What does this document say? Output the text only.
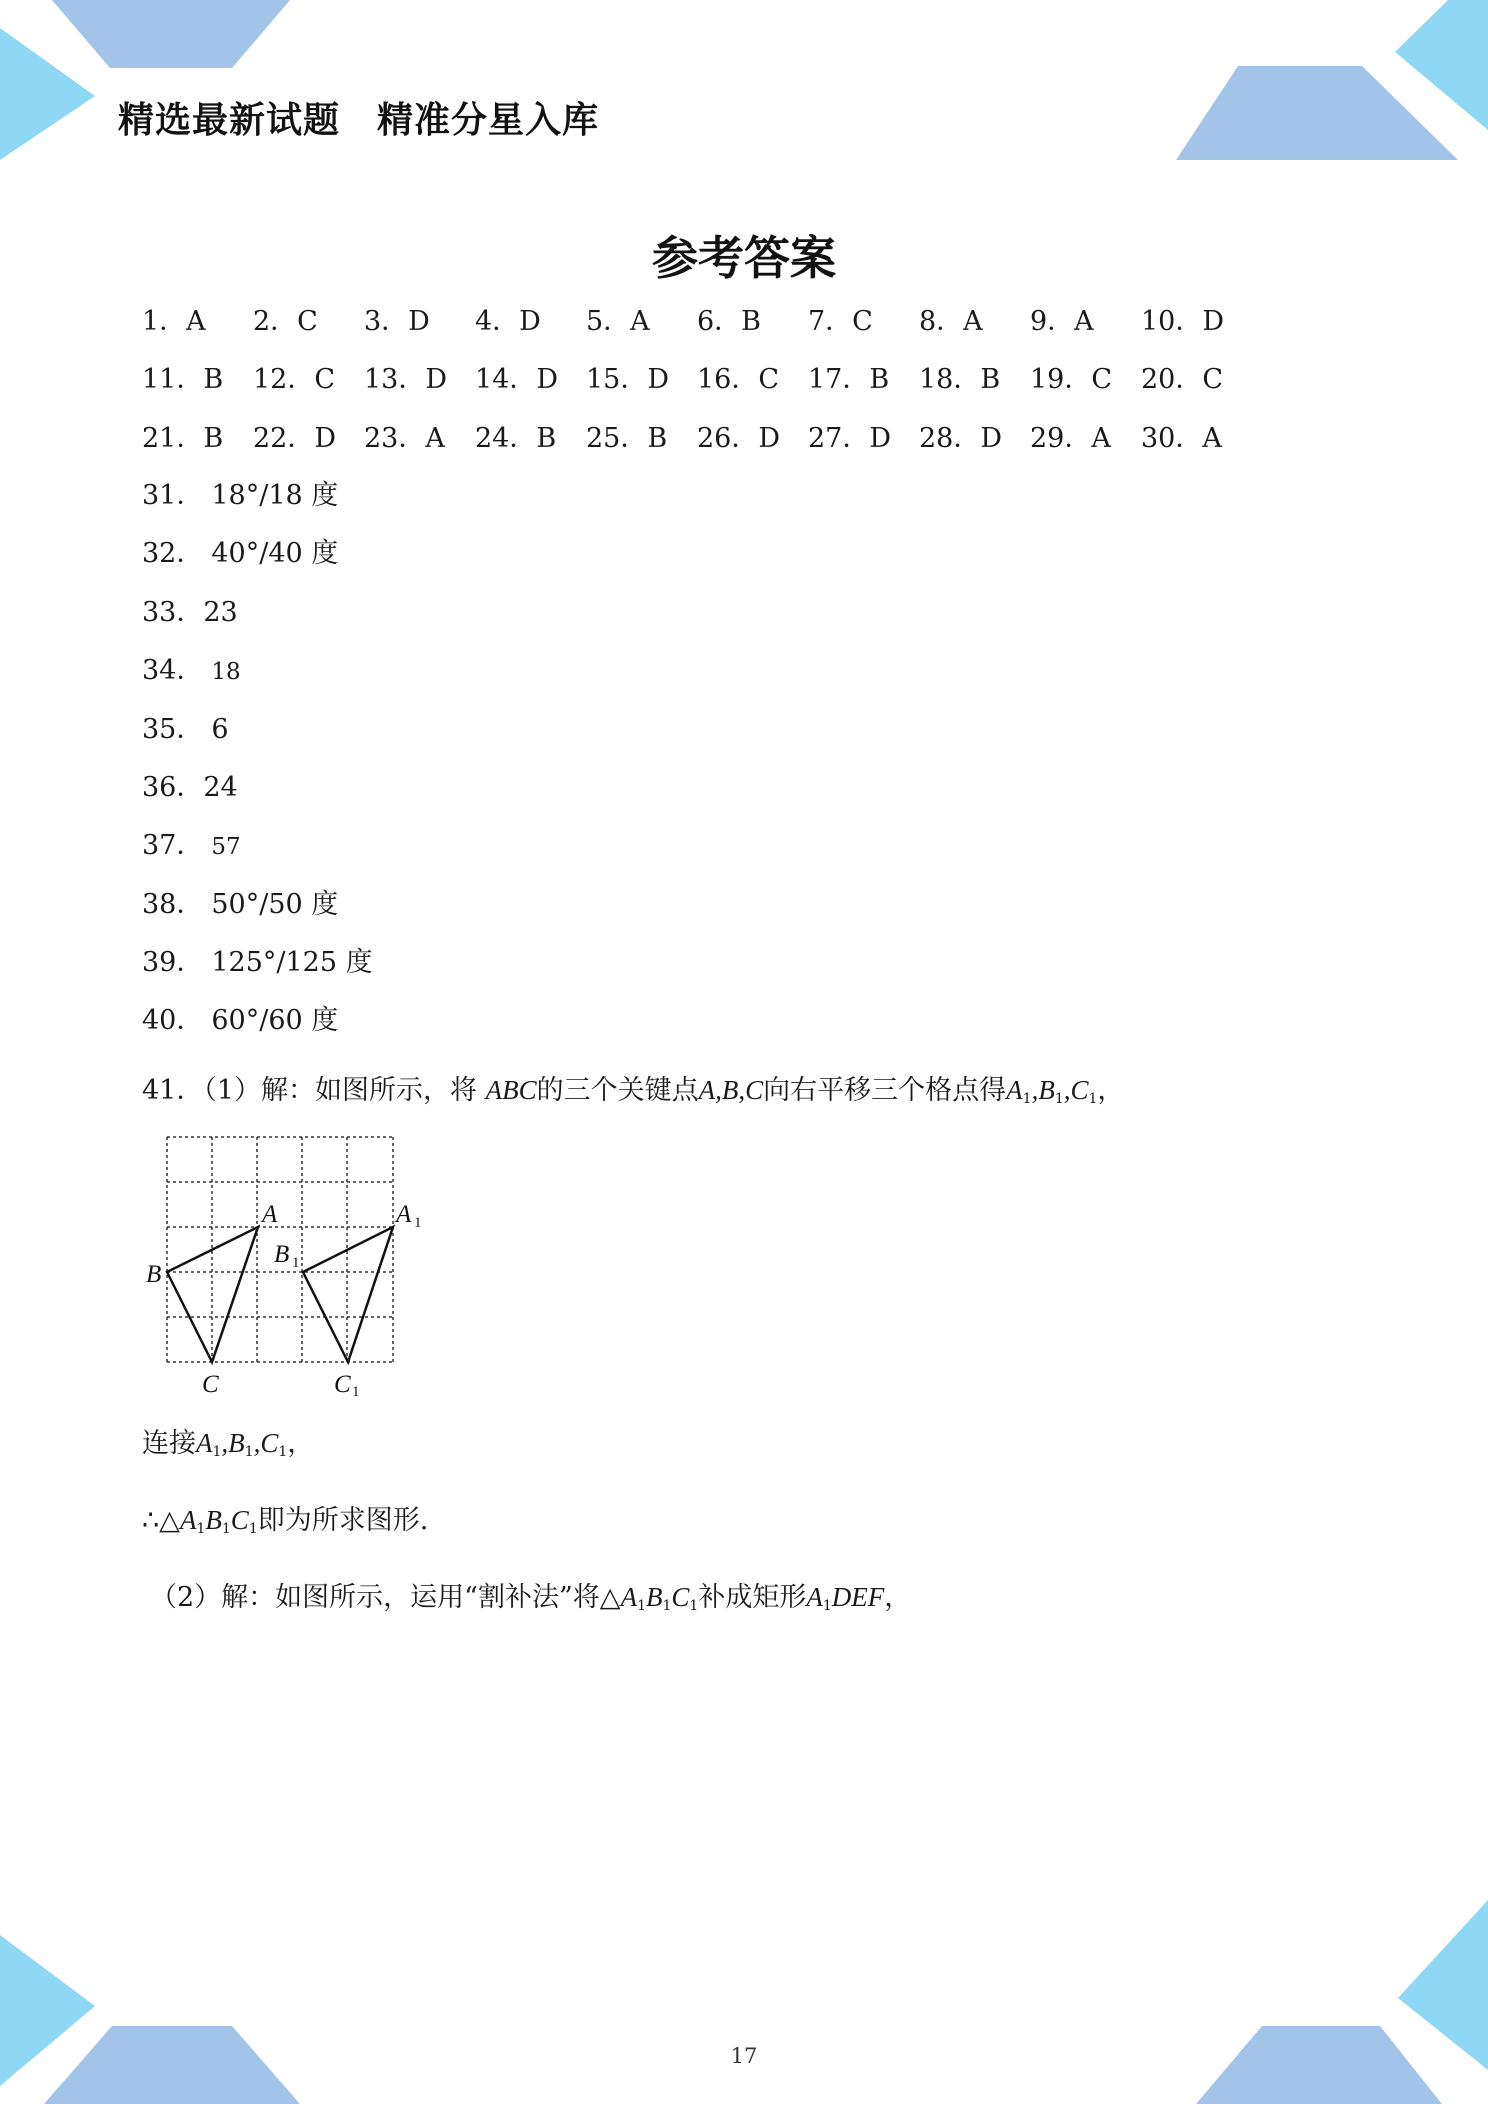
精选最新试题　精准分星入库
参考答案
1．A	2．C	3．D	4．D	5．A	6．B	7．C	8．A	9．A	10．D
11．B	12．C	13．D	14．D	15．D	16．C	17．B	18．B	19．C	20．C
21．B	22．D	23．A	24．B	25．B	26．D	27．D	28．D	29．A	30．A
31． 18°/18 度
32． 40°/40 度
33．23
34． 18
35． 6
36．24
37． 57
38． 50°/50 度
39． 125°/125 度
40． 60°/60 度
41．（1）解：如图所示，将 ABC的三个关键点A,B,C向右平移三个格点得$A_1,B_1,C_1$，
A
B
C
A
B
C
1
1
1
连接$A_1,B_1,C_1$，
$\therefore\triangle A_1B_1C_1$即为所求图形.
（2）解：如图所示，运用“割补法”将$\triangle A_1B_1C_1$补成矩形$A_1DEF$，
17
